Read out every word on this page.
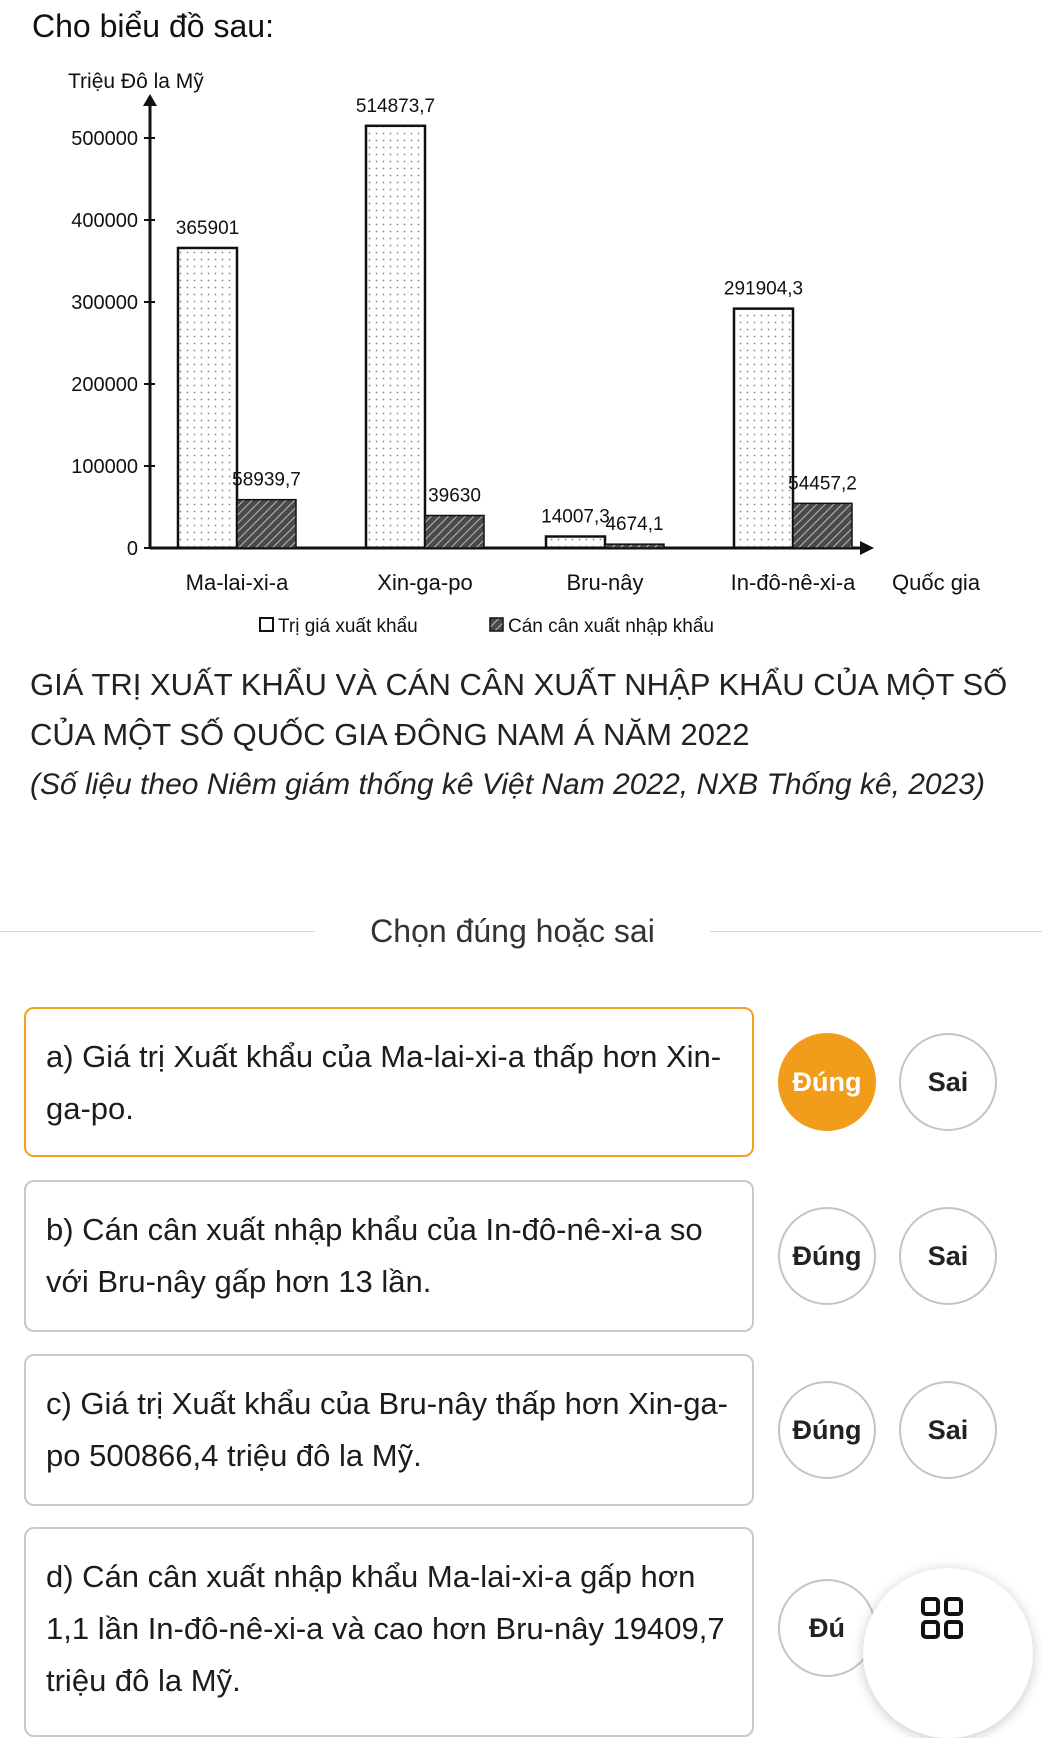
Cho biểu đồ sau:
Triệu Đô la Mỹ
0
100000
200000
300000
400000
500000
365901
58939,7
Ma-lai-xi-a
514873,7
39630
Xin-ga-po
14007,3
4674,1
Bru-nây
291904,3
54457,2
In-đô-nê-xi-a Quốc gia
Trị giá xuất khẩu	Cán cân xuất nhập khẩu
GIÁ TRỊ XUẤT KHẨU VÀ CÁN CÂN XUẤT NHẬP KHẨU CỦA MỘT SỐ CỦA MỘT SỐ QUỐC GIA ĐÔNG NAM Á NĂM 2022
(Số liệu theo Niêm giám thống kê Việt Nam 2022, NXB Thống kê, 2023)
Chọn đúng hoặc sai
a) Giá trị Xuất khẩu của Ma-lai-xi-a thấp hơn Xin-ga-po.
Đúng	Sai
b) Cán cân xuất nhập khẩu của In-đô-nê-xi-a so với Bru-nây gấp hơn 13 lần.
Đúng	Sai
c) Giá trị Xuất khẩu của Bru-nây thấp hơn Xin-ga-po 500866,4 triệu đô la Mỹ.
Đúng	Sai
d) Cán cân xuất nhập khẩu Ma-lai-xi-a gấp hơn 1,1 lần In-đô-nê-xi-a và cao hơn Bru-nây 19409,7 triệu đô la Mỹ.
Đú
